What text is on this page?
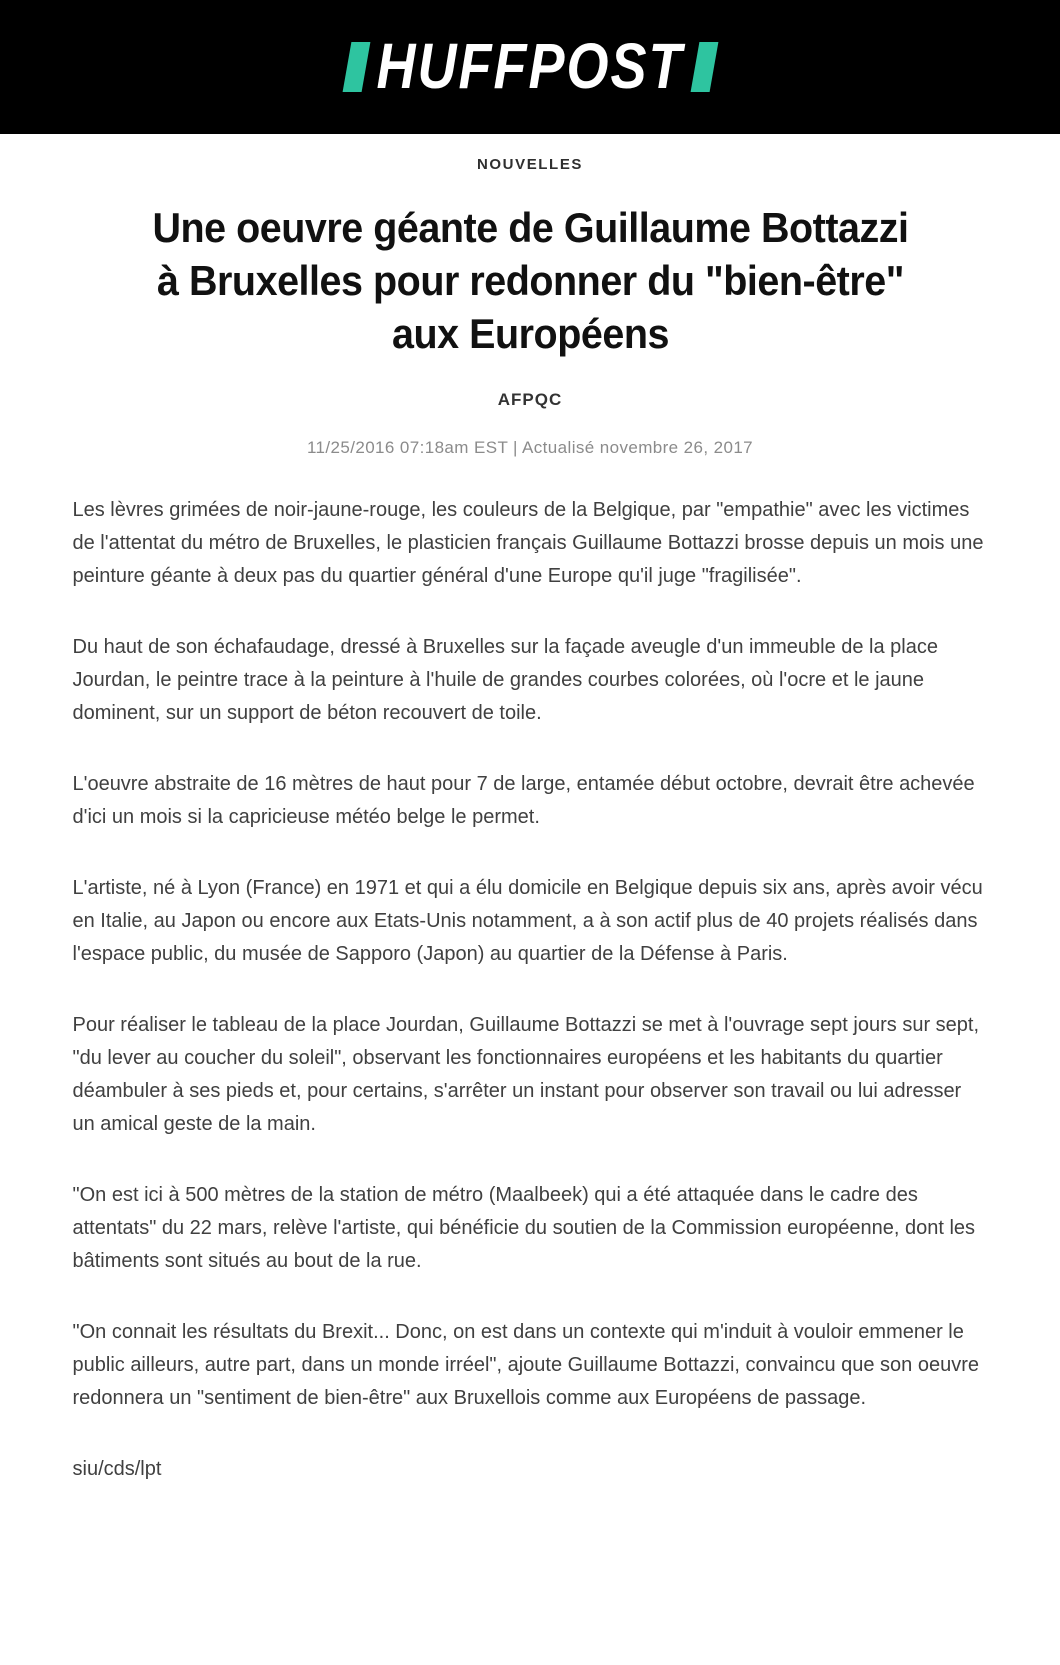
HUFFPOST
NOUVELLES
Une oeuvre géante de Guillaume Bottazzi
à Bruxelles pour redonner du "bien-être"
aux Européens
AFPQC
11/25/2016 07:18am EST | Actualisé novembre 26, 2017

Les lèvres grimées de noir-jaune-rouge, les couleurs de la Belgique, par "empathie" avec les victimes de l'attentat du métro de Bruxelles, le plasticien français Guillaume Bottazzi brosse depuis un mois une peinture géante à deux pas du quartier général d'une Europe qu'il juge "fragilisée".

Du haut de son échafaudage, dressé à Bruxelles sur la façade aveugle d'un immeuble de la place Jourdan, le peintre trace à la peinture à l'huile de grandes courbes colorées, où l'ocre et le jaune dominent, sur un support de béton recouvert de toile.

L'oeuvre abstraite de 16 mètres de haut pour 7 de large, entamée début octobre, devrait être achevée d'ici un mois si la capricieuse météo belge le permet.

L'artiste, né à Lyon (France) en 1971 et qui a élu domicile en Belgique depuis six ans, après avoir vécu en Italie, au Japon ou encore aux Etats-Unis notamment, a à son actif plus de 40 projets réalisés dans l'espace public, du musée de Sapporo (Japon) au quartier de la Défense à Paris.

Pour réaliser le tableau de la place Jourdan, Guillaume Bottazzi se met à l'ouvrage sept jours sur sept, "du lever au coucher du soleil", observant les fonctionnaires européens et les habitants du quartier déambuler à ses pieds et, pour certains, s'arrêter un instant pour observer son travail ou lui adresser un amical geste de la main.

"On est ici à 500 mètres de la station de métro (Maalbeek) qui a été attaquée dans le cadre des attentats" du 22 mars, relève l'artiste, qui bénéficie du soutien de la Commission européenne, dont les bâtiments sont situés au bout de la rue.

"On connait les résultats du Brexit... Donc, on est dans un contexte qui m'induit à vouloir emmener le public ailleurs, autre part, dans un monde irréel", ajoute Guillaume Bottazzi, convaincu que son oeuvre redonnera un "sentiment de bien-être" aux Bruxellois comme aux Européens de passage.

siu/cds/lpt
